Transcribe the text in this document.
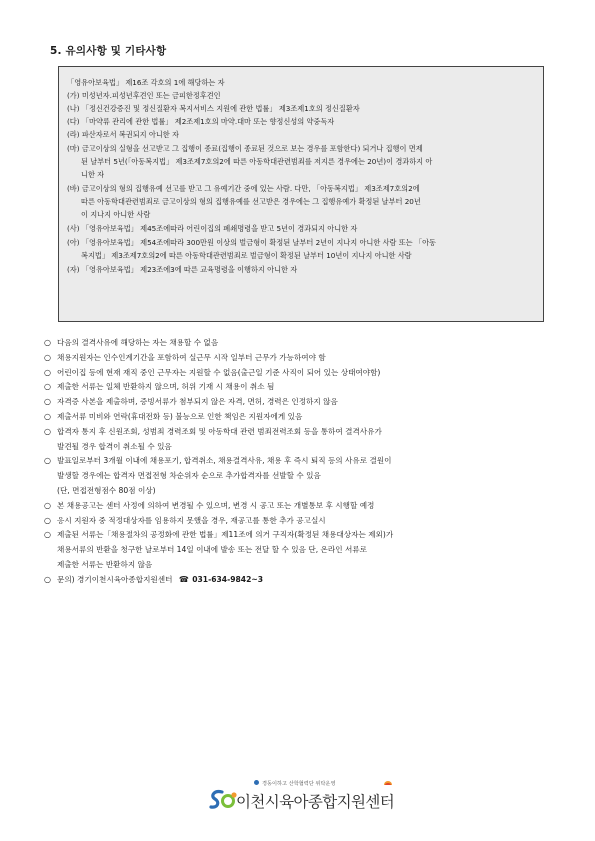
5. 유의사항 및 기타사항
「영유아보육법」 제16조 각호의 1에 해당하는 자
(가) 미성년자.피성년후견인 또는 금피한정후견인
(나) 「정신건강증진 및 정신질환자 복지서비스 지원에 관한 법률」 제3조제1호의 정신질환자
(다) 「마약류 관리에 관한 법률」 제2조제1호의 마약.대마 또는 향정신성의 약중독자
(라) 파산자로서 복권되지 아니한 자
(마) 금고이상의 실형을 선고받고 그 집행이 종료(집행이 종료된 것으로 보는 경우를 포함한다) 되거나 집행이 면제
된 날부터 5년(「아동복지법」 제3조제7호의2에 따른 아동학대관련범죄를 저지른 경우에는 20년)이 경과하지 아
니한 자
(바) 금고이상의 형의 집행유예 선고를 받고 그 유예기간 중에 있는 사람. 다만, 「아동복지법」 제3조제7호의2에
따른 아동학대관련범죄로 금고이상의 형의 집행유예를 선고받은 경우에는 그 집행유예가 확정된 날부터 20년
이 지나지 아니한 사람
(사) 「영유아보육법」 제45조에따라 어린이집의 폐쇄명령을 받고 5년이 경과되지 아니한 자
(아) 「영유아보육법」 제54조에따라 300만원 이상의 벌금형이 확정된 날부터 2년이 지나지 아니한 사람 또는 「아동
복지법」 제3조제7호의2에 따른 아동학대관련범죄로 벌금형이 확정된 날부터 10년이 지나지 아니한 사람
(자) 「영유아보육법」 제23조에3에 따른 교육명령을 이행하지 아니한 자
○ 다음의 결격사유에 해당하는 자는 채용할 수 없음
○ 채용지원자는 인수인계기간을 포함하여 실근무 시작 일부터 근무가 가능하여야 함
○ 어린이집 등에 현재 재직 중인 근무자는 지원할 수 없음(출근일 기준 사직이 되어 있는 상태여야함)
○ 제출한 서류는 일체 반환하지 않으며, 허위 기재 시 채용이 취소 됨
○ 자격증 사본을 제출하며, 증빙서류가 첨부되지 않은 자격, 면허, 경력은 인정하지 않음
○ 제출서류 미비와 연락(휴대전화 등) 불능으로 인한 책임은 지원자에게 있음
○ 합격자 통지 후 신원조회, 성범죄 경력조회 및 아동학대 관련 범죄전력조회 등을 통하여 결격사유가
발견될 경우 합격이 취소될 수 있음
○ 발표일로부터 3개월 이내에 채용포기, 합격취소, 채용결격사유, 채용 후 즉시 퇴직 등의 사유로 결원이
발생할 경우에는 합격자 면접전형 차순위자 순으로 추가합격자를 선발할 수 있음
(단, 면접전형점수 80점 이상)
○ 본 채용공고는 센터 사정에 의하여 변경될 수 있으며, 변경 시 공고 또는 개별통보 후 시행할 예정
○ 응시 지원자 중 적정대상자를 임용하지 못했을 경우, 재공고를 통한 추가 공고실시
○ 제출된 서류는「채용절차의 공정화에 관한 법률」제11조에 의거 구직자(확정된 채용대상자는 제외)가
채용서류의 반환을 청구한 날로부터 14일 이내에 발송 또는 전달 할 수 있음 단, 온라인 서류로
제출한 서류는 반환하지 않음
○ 문의) 경기이천시육아종합지원센터 ☎ 031-634-9842~3
경동이하고 산학협력단 위탁운영
이천시육아종합지원센터
